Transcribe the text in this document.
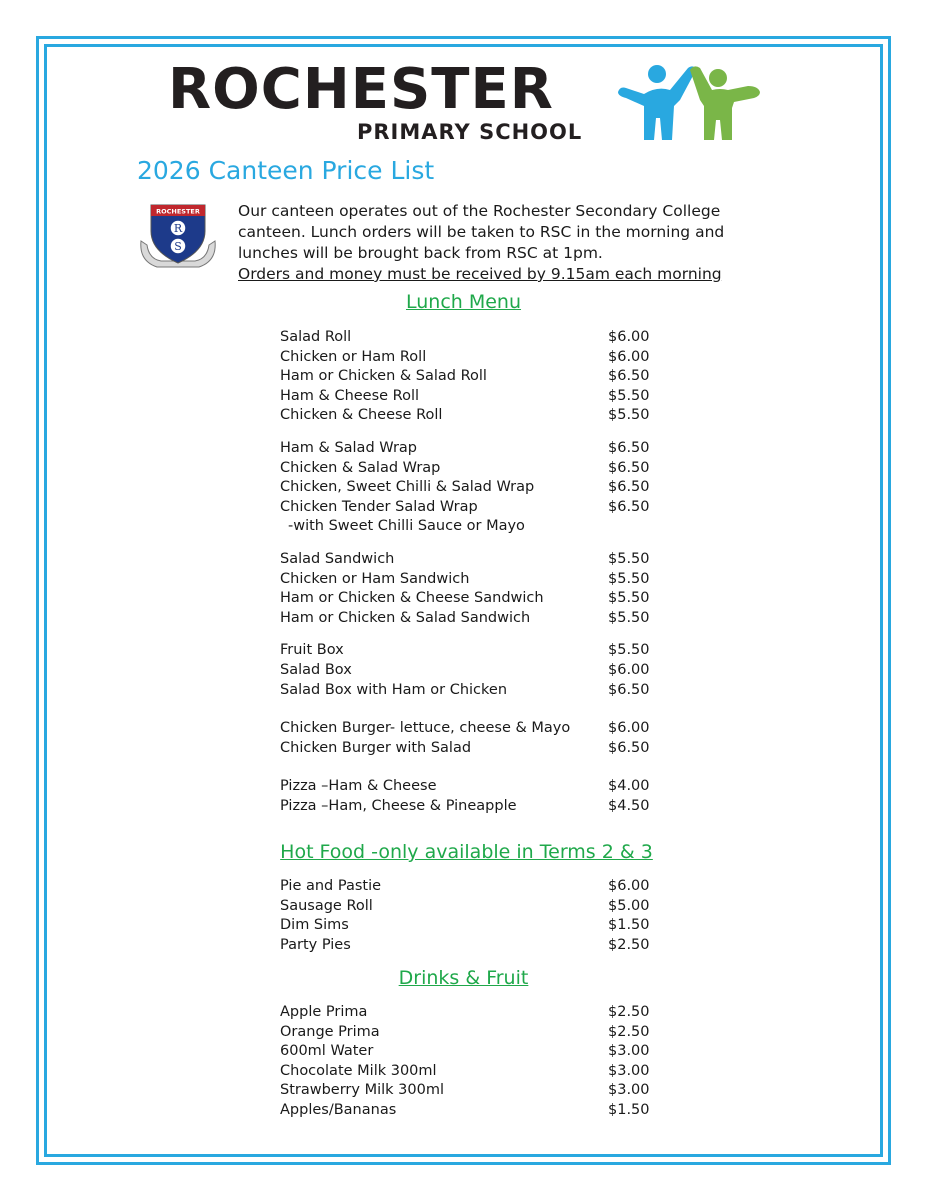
ROCHESTER
PRIMARY SCHOOL
2026 Canteen Price List
ROCHESTER
R
S
Our canteen operates out of the Rochester Secondary College
canteen. Lunch orders will be taken to RSC in the morning and
lunches will be brought back from RSC at 1pm.
Orders and money must be received by 9.15am each morning
Lunch Menu
Salad Roll	$6.00
Chicken or Ham Roll	$6.00
Ham or Chicken & Salad Roll	$6.50
Ham & Cheese Roll	$5.50
Chicken & Cheese Roll	$5.50
Ham & Salad Wrap	$6.50
Chicken & Salad Wrap	$6.50
Chicken, Sweet Chilli & Salad Wrap	$6.50
Chicken Tender Salad Wrap	$6.50
-with Sweet Chilli Sauce or Mayo
Salad Sandwich	$5.50
Chicken or Ham Sandwich	$5.50
Ham or Chicken & Cheese Sandwich	$5.50
Ham or Chicken & Salad Sandwich	$5.50
Fruit Box	$5.50
Salad Box	$6.00
Salad Box with Ham or Chicken	$6.50
Chicken Burger- lettuce, cheese & Mayo	$6.00
Chicken Burger with Salad	$6.50
Pizza –Ham & Cheese	$4.00
Pizza –Ham, Cheese & Pineapple	$4.50
Hot Food -only available in Terms 2 & 3
Pie and Pastie	$6.00
Sausage Roll	$5.00
Dim Sims	$1.50
Party Pies	$2.50
Drinks & Fruit
Apple Prima	$2.50
Orange Prima	$2.50
600ml Water	$3.00
Chocolate Milk 300ml	$3.00
Strawberry Milk 300ml	$3.00
Apples/Bananas	$1.50
